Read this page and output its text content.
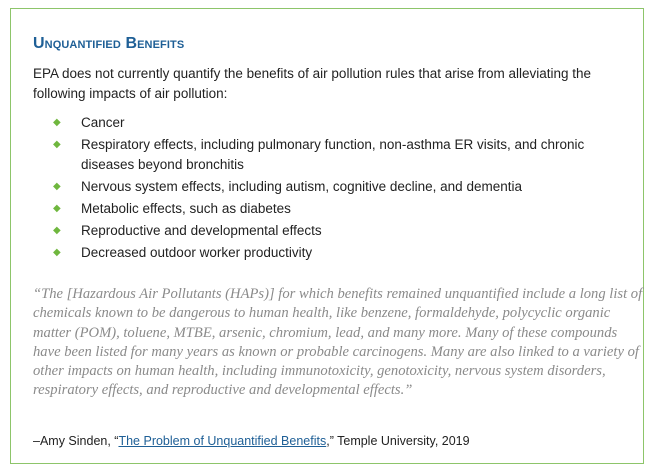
Unquantified Benefits

EPA does not currently quantify the benefits of air pollution rules that arise from alleviating the following impacts of air pollution:

◆ Cancer
◆ Respiratory effects, including pulmonary function, non-asthma ER visits, and chronic diseases beyond bronchitis
◆ Nervous system effects, including autism, cognitive decline, and dementia
◆ Metabolic effects, such as diabetes
◆ Reproductive and developmental effects
◆ Decreased outdoor worker productivity

“The [Hazardous Air Pollutants (HAPs)] for which benefits remained unquantified include a long list of chemicals known to be dangerous to human health, like benzene, formaldehyde, polycyclic organic matter (POM), toluene, MTBE, arsenic, chromium, lead, and many more. Many of these compounds have been listed for many years as known or probable carcinogens. Many are also linked to a variety of other impacts on human health, including immunotoxicity, genotoxicity, nervous system disorders, respiratory effects, and reproductive and developmental effects.”

–Amy Sinden, “The Problem of Unquantified Benefits,” Temple University, 2019
